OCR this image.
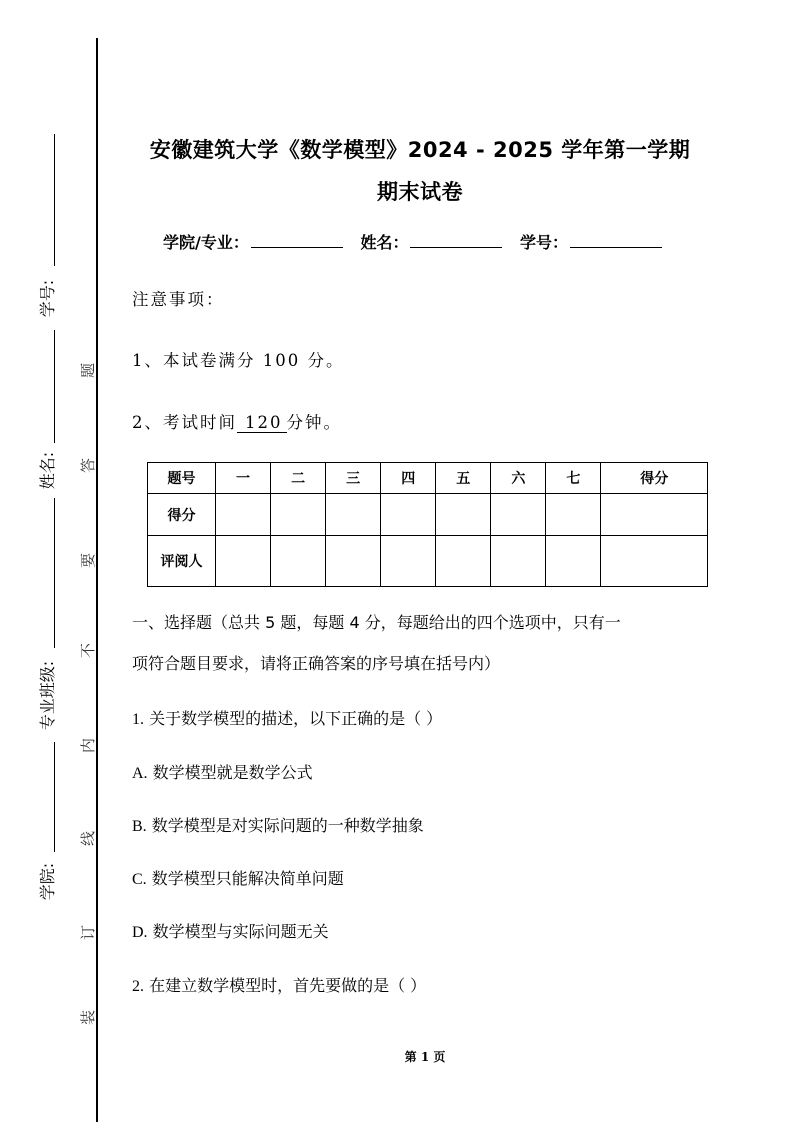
学号:
姓名:
专业班级:
学院:
题
答
要
不
内
线
订
装
安徽建筑大学《数学模型》2024 - 2025 学年第一学期
期末试卷
学院/专业：	姓名：	学号：
注意事项：
1、本试卷满分 100 分。
2、考试时间 120 分钟。
题号	一	二	三	四	五	六	七	得分
得分								
评阅人								
一、选择题（总共 5 题，每题 4 分，每题给出的四个选项中，只有一
项符合题目要求，请将正确答案的序号填在括号内）
1. 关于数学模型的描述，以下正确的是（ ）
A. 数学模型就是数学公式
B. 数学模型是对实际问题的一种数学抽象
C. 数学模型只能解决简单问题
D. 数学模型与实际问题无关
2. 在建立数学模型时，首先要做的是（ ）
第 1 页
